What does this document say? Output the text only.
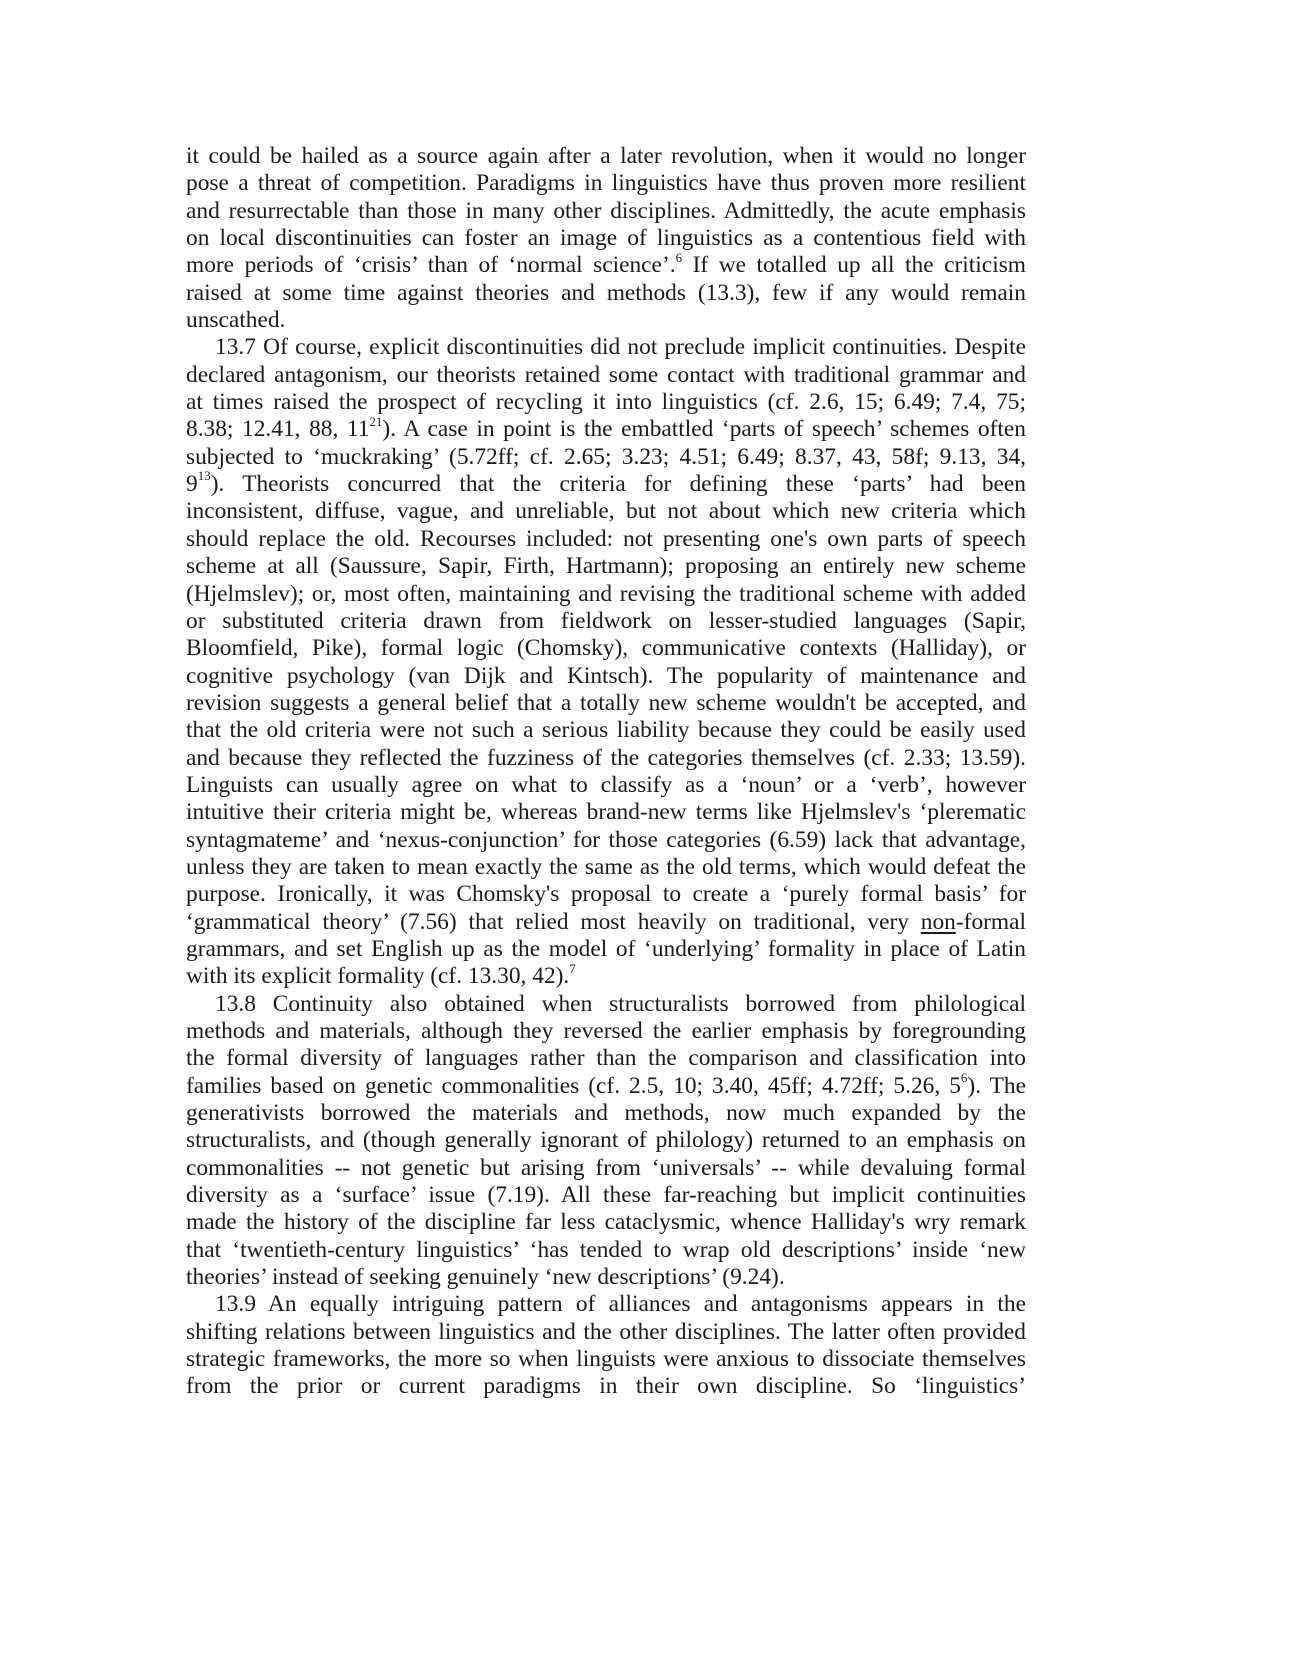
it could be hailed as a source again after a later revolution, when it would no longer
pose a threat of competition. Paradigms in linguistics have thus proven more resilient
and resurrectable than those in many other disciplines. Admittedly, the acute emphasis
on local discontinuities can foster an image of linguistics as a contentious field with
more periods of ‘crisis’ than of ‘normal science’.$^6$ If we totalled up all the criticism
raised at some time against theories and methods (13.3), few if any would remain
unscathed.
13.7 Of course, explicit discontinuities did not preclude implicit continuities. Despite
declared antagonism, our theorists retained some contact with traditional grammar and
at times raised the prospect of recycling it into linguistics (cf. 2.6, 15; 6.49; 7.4, 75;
8.38; 12.41, 88, $11^{21}$). A case in point is the embattled ‘parts of speech’ schemes often
subjected to ‘muckraking’ (5.72ff; cf. 2.65; 3.23; 4.51; 6.49; 8.37, 43, 58f; 9.13, 34,
$9^{13}$). Theorists concurred that the criteria for defining these ‘parts’ had been
inconsistent, diffuse, vague, and unreliable, but not about which new criteria which
should replace the old. Recourses included: not presenting one's own parts of speech
scheme at all (Saussure, Sapir, Firth, Hartmann); proposing an entirely new scheme
(Hjelmslev); or, most often, maintaining and revising the traditional scheme with added
or substituted criteria drawn from fieldwork on lesser-studied languages (Sapir,
Bloomfield, Pike), formal logic (Chomsky), communicative contexts (Halliday), or
cognitive psychology (van Dijk and Kintsch). The popularity of maintenance and
revision suggests a general belief that a totally new scheme wouldn't be accepted, and
that the old criteria were not such a serious liability because they could be easily used
and because they reflected the fuzziness of the categories themselves (cf. 2.33; 13.59).
Linguists can usually agree on what to classify as a ‘noun’ or a ‘verb’, however
intuitive their criteria might be, whereas brand-new terms like Hjelmslev's ‘plerematic
syntagmateme’ and ‘nexus-conjunction’ for those categories (6.59) lack that advantage,
unless they are taken to mean exactly the same as the old terms, which would defeat the
purpose. Ironically, it was Chomsky's proposal to create a ‘purely formal basis’ for
‘grammatical theory’ (7.56) that relied most heavily on traditional, very non-formal
grammars, and set English up as the model of ‘underlying’ formality in place of Latin
with its explicit formality (cf. 13.30, 42).$^7$
13.8 Continuity also obtained when structuralists borrowed from philological
methods and materials, although they reversed the earlier emphasis by foregrounding
the formal diversity of languages rather than the comparison and classification into
families based on genetic commonalities (cf. 2.5, 10; 3.40, 45ff; 4.72ff; 5.26, $5^6$). The
generativists borrowed the materials and methods, now much expanded by the
structuralists, and (though generally ignorant of philology) returned to an emphasis on
commonalities -- not genetic but arising from ‘universals’ -- while devaluing formal
diversity as a ‘surface’ issue (7.19). All these far-reaching but implicit continuities
made the history of the discipline far less cataclysmic, whence Halliday's wry remark
that ‘twentieth-century linguistics’ ‘has tended to wrap old descriptions’ inside ‘new
theories’ instead of seeking genuinely ‘new descriptions’ (9.24).
13.9 An equally intriguing pattern of alliances and antagonisms appears in the
shifting relations between linguistics and the other disciplines. The latter often provided
strategic frameworks, the more so when linguists were anxious to dissociate themselves
from the prior or current paradigms in their own discipline. So ‘linguistics’
